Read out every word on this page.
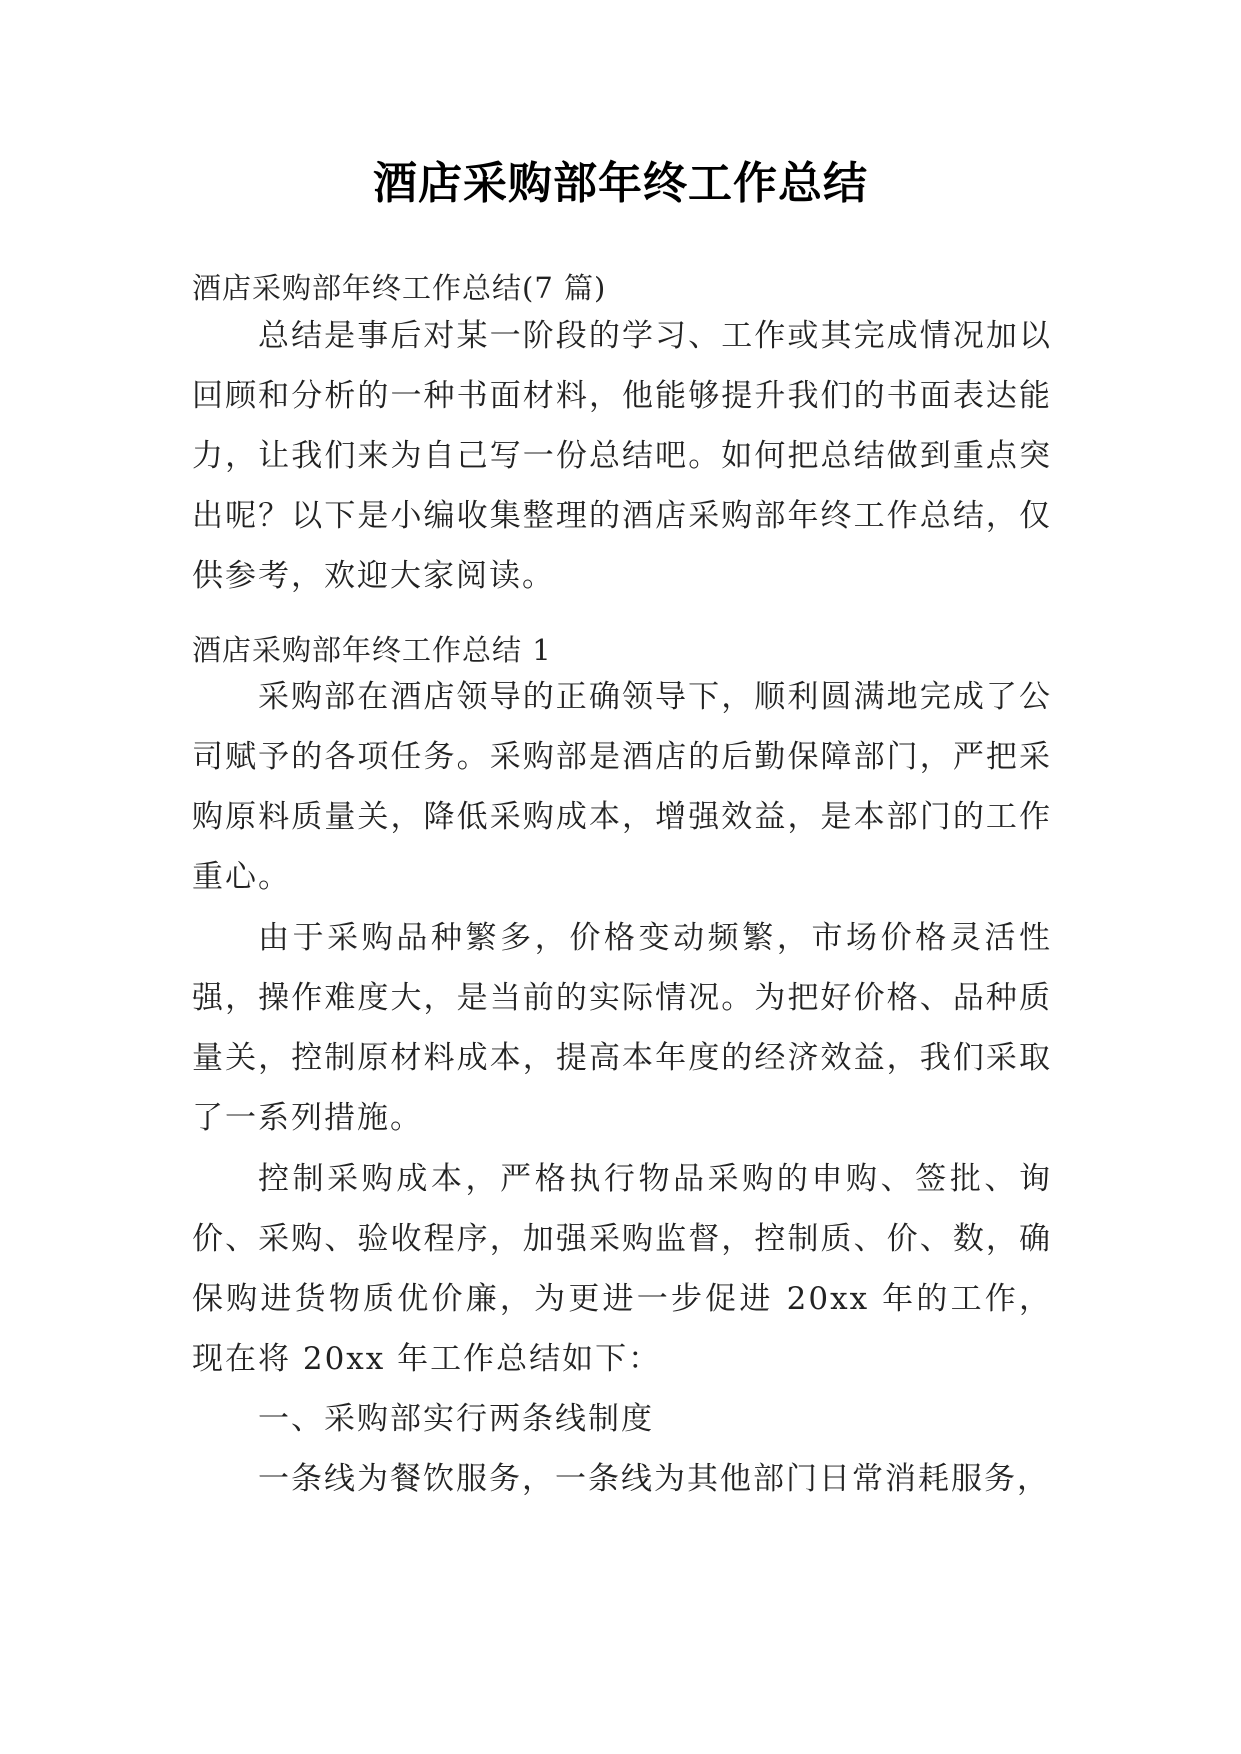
酒店采购部年终工作总结
酒店采购部年终工作总结(7 篇)
总结是事后对某一阶段的学习、工作或其完成情况加以回顾和分析的一种书面材料，他能够提升我们的书面表达能力，让我们来为自己写一份总结吧。如何把总结做到重点突出呢？以下是小编收集整理的酒店采购部年终工作总结，仅供参考，欢迎大家阅读。
酒店采购部年终工作总结 1
采购部在酒店领导的正确领导下，顺利圆满地完成了公司赋予的各项任务。采购部是酒店的后勤保障部门，严把采购原料质量关，降低采购成本，增强效益，是本部门的工作重心。
由于采购品种繁多，价格变动频繁，市场价格灵活性强，操作难度大，是当前的实际情况。为把好价格、品种质量关，控制原材料成本，提高本年度的经济效益，我们采取了一系列措施。
控制采购成本，严格执行物品采购的申购、签批、询价、采购、验收程序，加强采购监督，控制质、价、数，确保购进货物质优价廉，为更进一步促进 20xx 年的工作，现在将 20xx 年工作总结如下：
一、采购部实行两条线制度
一条线为餐饮服务，一条线为其他部门日常消耗服务，
